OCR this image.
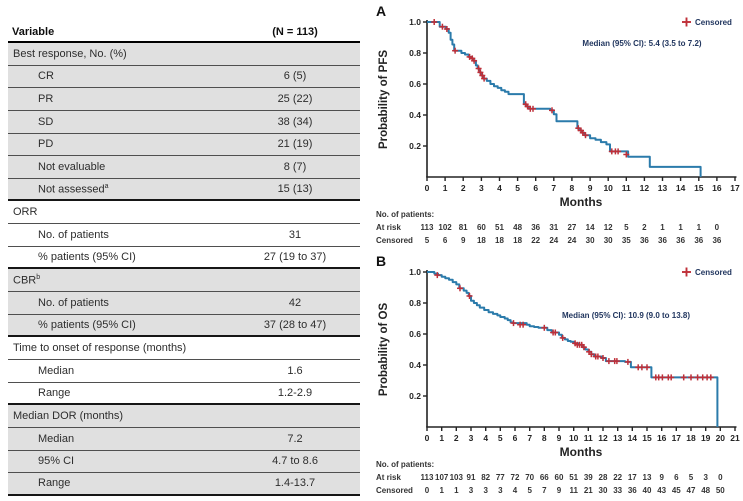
Variable	(N = 113)
Best response, No. (%)
CR	6 (5)
PR	25 (22)
SD	38 (34)
PD	21 (19)
Not evaluable	8 (7)
Not assessed$^a$	15 (13)
ORR
No. of patients	31
% patients (95% CI)	27 (19 to 37)
CBR$^b$
No. of patients	42
% patients (95% CI)	37 (28 to 47)
Time to onset of response (months)
Median	1.6
Range	1.2-2.9
Median DOR (months)
Median	7.2
95% CI	4.7 to 8.6
Range	1.4-13.7
A
Probability of PFS 0.2
0.4
0.6
0.8
1.0
0 1 2 3 4 5 6 7 8 9 10 11 12 13 14 15 16 17
Months
Median (95% CI): 5.4 (3.5 to 7.2)
Censored
No. of patients:
At risk 113 102 81 60 51 48 36 31 27 14 12 5 2 1 1 1 0
Censored 5 6 9 18 18 18 22 24 24 30 30 35 36 36 36 36 36
B
Probability of OS 0.2
0.4
0.6
0.8
1.0
0 1 2 3 4 5 6 7 8 9 10 11 12 13 14 15 16 17 18 19 20 21
Months
Median (95% CI): 10.9 (9.0 to 13.8)
Censored
No. of patients:
At risk 113 107 103 91 82 77 72 70 66 60 51 39 28 22 17 13 9 6 5 3 0
Censored 0 1 1 3 3 3 4 5 7 9 11 21 30 33 36 40 43 45 47 48 50
